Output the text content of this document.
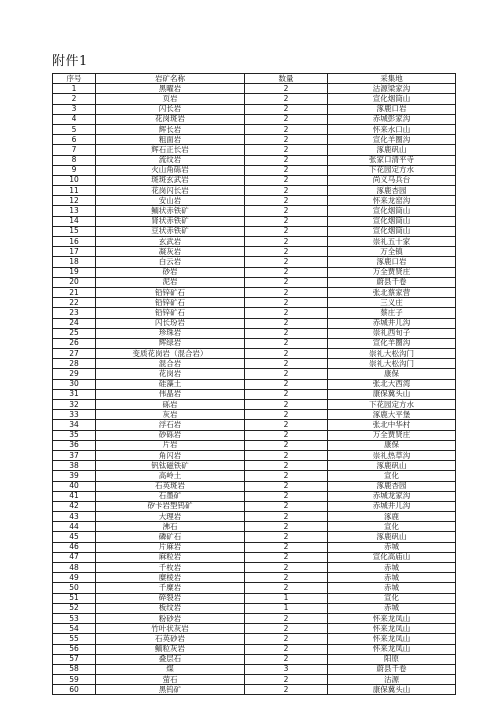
附件1
序号	岩矿名称	数量	采集地
1	黑曜岩	2	沽源梁家沟
2	页岩	2	宣化烟筒山
3	闪长岩	2	涿鹿口岩
4	花岗斑岩	2	赤城彭家沟
5	辉长岩	2	怀来水口山
6	粗面岩	2	宣化羊圈沟
7	辉石正长岩	2	涿鹿矾山
8	流纹岩	2	张家口清平寺
9	火山角砾岩	2	下花园定方水
10	斑斑玄武岩	2	尚义马兵台
11	花岗闪长岩	2	涿鹿杏园
12	安山岩	2	怀来龙窑沟
13	鲕状赤铁矿	2	宣化烟筒山
14	肾状赤铁矿	2	宣化烟筒山
15	豆状赤铁矿	2	宣化烟筒山
16	玄武岩	2	崇礼五十家
17	凝灰岩	2	万全镇
18	白云岩	2	涿鹿口岩
19	砂岩	2	万全贾贤庄
20	泥岩	2	蔚县千卷
21	铅锌矿石	2	张北蔡家营
22	铅锌矿石	2	三义庄
23	铅锌矿石	2	蔡庄子
24	闪长玢岩	2	赤城井儿沟
25	珍珠岩	2	崇礼西旬子
26	辉绿岩	2	宣化羊圈沟
27	变质花岗岩（混合岩）	2	崇礼大松沟门
28	混合岩	2	崇礼大松沟门
29	花岗岩	2	康保
30	硅藻土	2	张北大西湾
31	伟晶岩	2	康保冀头山
32	砾岩	2	下花园定方水
33	灰岩	2	涿鹿大平堡
34	浮石岩	2	张北中华村
35	砂砾岩	2	万全贾贤庄
36	片岩	2	康保
37	角闪岩	2	崇礼热草沟
38	钒钛磁铁矿	2	涿鹿矾山
39	高岭土	2	宣化
40	石英斑岩	2	涿鹿杏园
41	石墨矿	2	赤城龙家沟
42	矽卡岩型钨矿	2	赤城井儿沟
43	大理岩	2	涿鹿
44	沸石	2	宣化
45	磷矿石	2	涿鹿矾山
46	片麻岩	2	赤城
47	麻粒岩	2	宣化高庙山
48	千枚岩	2	赤城
49	糜棱岩	2	赤城
50	千糜岩	2	赤城
51	碎裂岩	1	宣化
52	板纹岩	1	赤城
53	粉砂岩	2	怀来龙凤山
54	竹叶状灰岩	2	怀来龙凤山
55	石英砂岩	2	怀来龙凤山
56	鲕粒灰岩	2	怀来龙凤山
57	叠层石	2	阳原
58	煤	3	蔚县千卷
59	萤石	2	沽源
60	黑钨矿	2	康保冀头山
